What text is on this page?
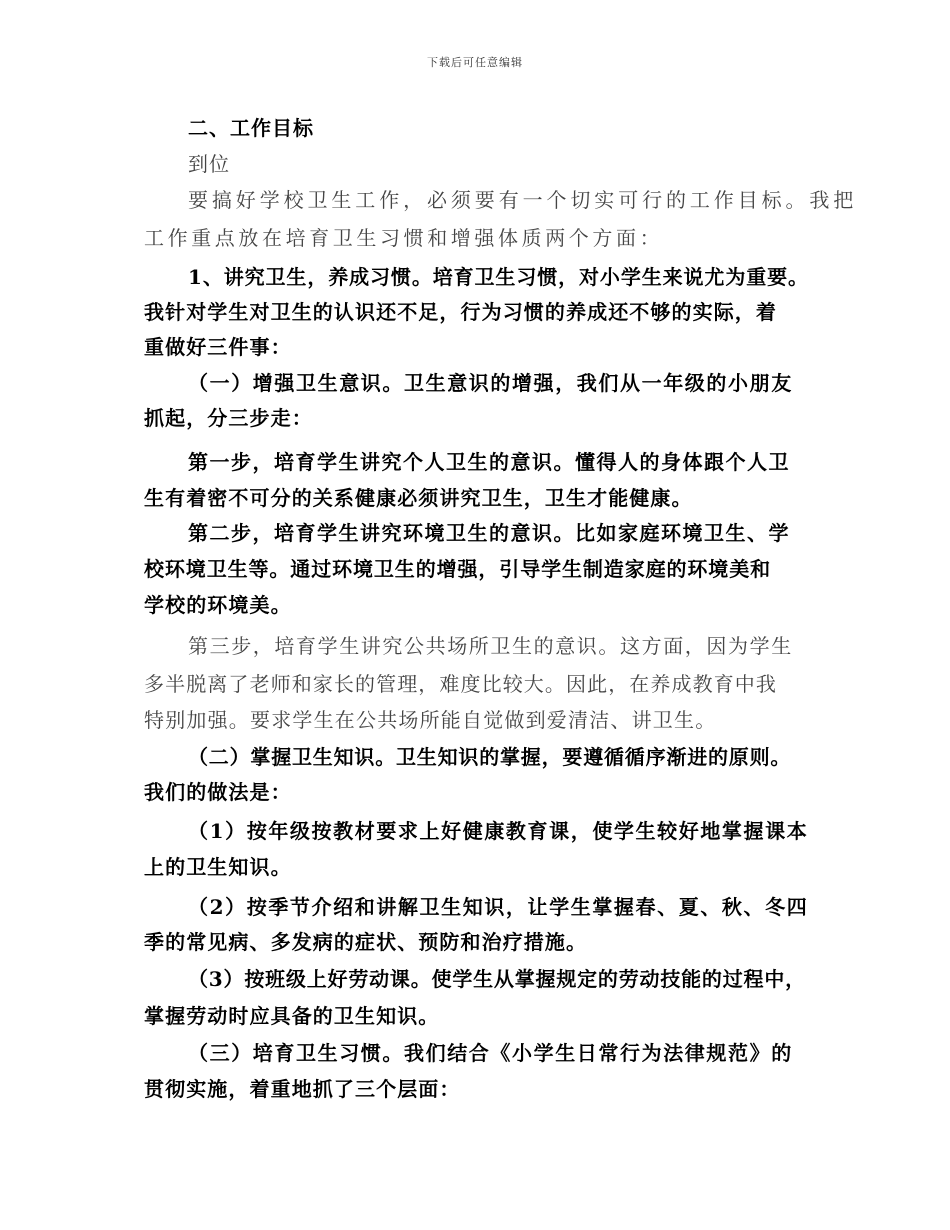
下载后可任意编辑
二、工作目标
到位
要搞好学校卫生工作，必须要有一个切实可行的工作目标。我把
工作重点放在培育卫生习惯和增强体质两个方面：
1、讲究卫生，养成习惯。培育卫生习惯，对小学生来说尤为重要。
我针对学生对卫生的认识还不足，行为习惯的养成还不够的实际，着
重做好三件事：
（一）增强卫生意识。卫生意识的增强，我们从一年级的小朋友
抓起，分三步走：
第一步，培育学生讲究个人卫生的意识。懂得人的身体跟个人卫
生有着密不可分的关系健康必须讲究卫生，卫生才能健康。
第二步，培育学生讲究环境卫生的意识。比如家庭环境卫生、学
校环境卫生等。通过环境卫生的增强，引导学生制造家庭的环境美和
学校的环境美。
第三步，培育学生讲究公共场所卫生的意识。这方面，因为学生
多半脱离了老师和家长的管理，难度比较大。因此，在养成教育中我
特别加强。要求学生在公共场所能自觉做到爱清洁、讲卫生。
（二）掌握卫生知识。卫生知识的掌握，要遵循循序渐进的原则。
我们的做法是：
（1）按年级按教材要求上好健康教育课，使学生较好地掌握课本
上的卫生知识。
（2）按季节介绍和讲解卫生知识，让学生掌握春、夏、秋、冬四
季的常见病、多发病的症状、预防和治疗措施。
（3）按班级上好劳动课。使学生从掌握规定的劳动技能的过程中，
掌握劳动时应具备的卫生知识。
（三）培育卫生习惯。我们结合《小学生日常行为法律规范》的
贯彻实施，着重地抓了三个层面：
